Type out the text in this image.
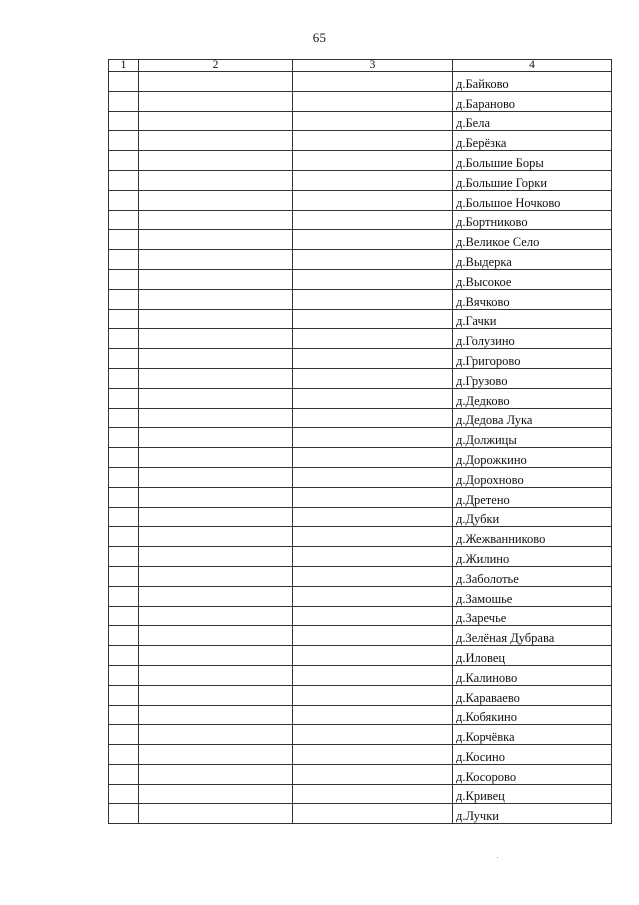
65
1	2	3	4
			д.Байково
			д.Бараново
			д.Бела
			д.Берёзка
			д.Большие Боры
			д.Большие Горки
			д.Большое Ночково
			д.Бортниково
			д.Великое Село
			д.Выдерка
			д.Высокое
			д.Вячково
			д.Гачки
			д.Голузино
			д.Григорово
			д.Грузово
			д.Дедково
			д.Дедова Лука
			д.Должицы
			д.Дорожкино
			д.Дорохново
			д.Дретено
			д.Дубки
			д.Жежванниково
			д.Жилино
			д.Заболотье
			д.Замошье
			д.Заречье
			д.Зелёная Дубрава
			д.Иловец
			д.Калиново
			д.Караваево
			д.Кобякино
			д.Корчёвка
			д.Косино
			д.Косорово
			д.Кривец
			д.Лучки
